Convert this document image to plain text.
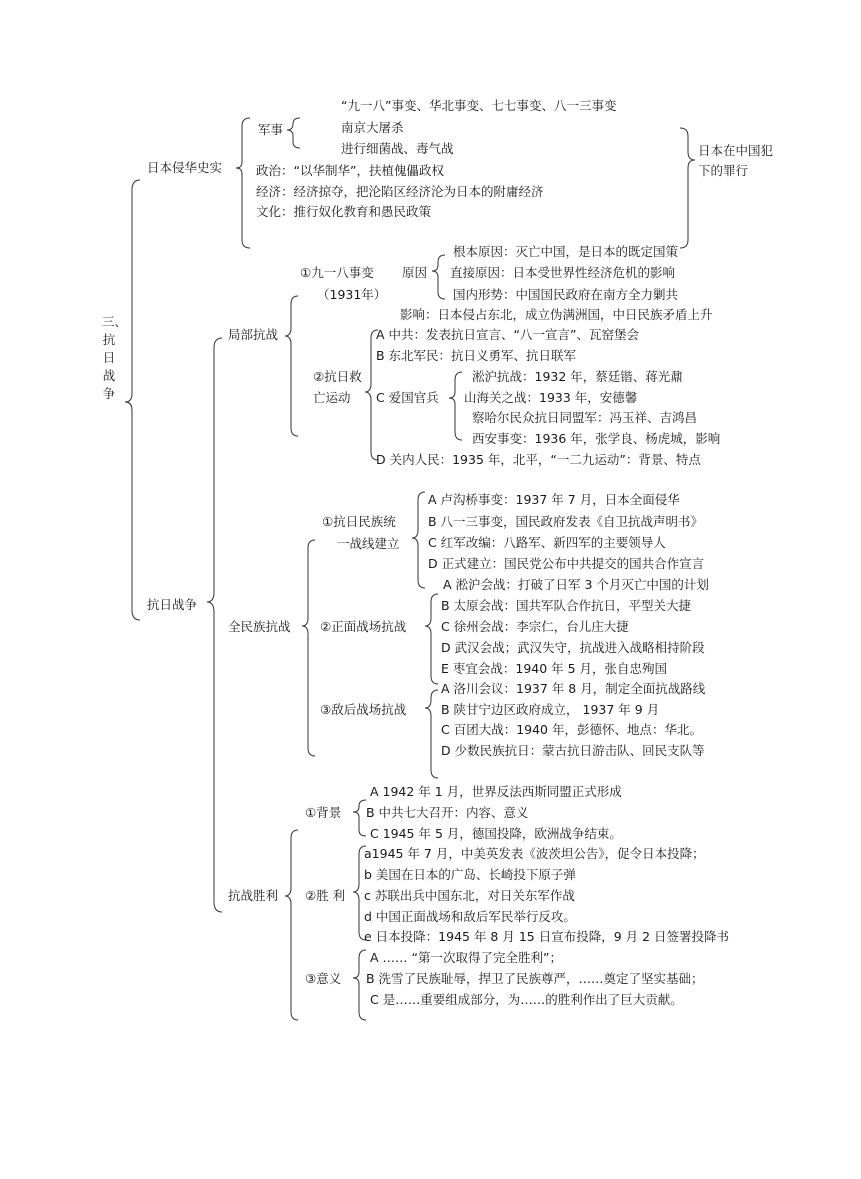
三、抗日战争
日本侵华史实
军事
“九一八”事变、华北事变、七七事变、八一三事变
南京大屠杀
进行细菌战、毒气战
政治：“以华制华”，扶植傀儡政权
经济：经济掠夺，把沦陷区经济沦为日本的附庸经济
文化：推行奴化教育和愚民政策
日本在中国犯下的罪行
局部抗战
①九一八事变
（1931年）
原因
根本原因：灭亡中国，是日本的既定国策
直接原因：日本受世界性经济危机的影响
国内形势：中国国民政府在南方全力剿共
影响：日本侵占东北，成立伪满洲国，中日民族矛盾上升
②抗日救
亡运动
A 中共：发表抗日宣言、“八一宣言”、瓦窑堡会
B 东北军民：抗日义勇军、抗日联军
C 爱国官兵
淞沪抗战：1932 年，蔡廷锴、蒋光鼐
山海关之战：1933 年，安德馨
察哈尔民众抗日同盟军：冯玉祥、吉鸿昌
西安事变：1936 年，张学良、杨虎城，影响
D 关内人民：1935 年，北平，“一二九运动”：背景、特点
抗日战争
全民族抗战
①抗日民族统
一战线建立
A 卢沟桥事变：1937 年 7 月，日本全面侵华
B 八一三事变，国民政府发表《自卫抗战声明书》
C 红军改编：八路军、新四军的主要领导人
D 正式建立：国民党公布中共提交的国共合作宣言
②正面战场抗战
A 淞沪会战：打破了日军 3 个月灭亡中国的计划
B 太原会战：国共军队合作抗日，平型关大捷
C 徐州会战：李宗仁，台儿庄大捷
D 武汉会战；武汉失守，抗战进入战略相持阶段
E 枣宜会战：1940 年 5 月，张自忠殉国
③敌后战场抗战
A 洛川会议：1937 年 8 月，制定全面抗战路线
B 陕甘宁边区政府成立， 1937 年 9 月
C 百团大战：1940 年，彭德怀、地点：华北。
D 少数民族抗日：蒙古抗日游击队、回民支队等
抗战胜利
①背景
A 1942 年 1 月，世界反法西斯同盟正式形成
B 中共七大召开：内容、意义
C 1945 年 5 月，德国投降，欧洲战争结束。
②胜 利
a1945 年 7 月，中美英发表《波茨坦公告》，促令日本投降；
b 美国在日本的广岛、长崎投下原子弹
c 苏联出兵中国东北，对日关东军作战
d 中国正面战场和敌后军民举行反攻。
e 日本投降：1945 年 8 月 15 日宣布投降，9 月 2 日签署投降书
③意义
A …… “第一次取得了完全胜利”；
B 洗雪了民族耻辱，捍卫了民族尊严，……奠定了坚实基础；
C 是……重要组成部分，为……的胜利作出了巨大贡献。
